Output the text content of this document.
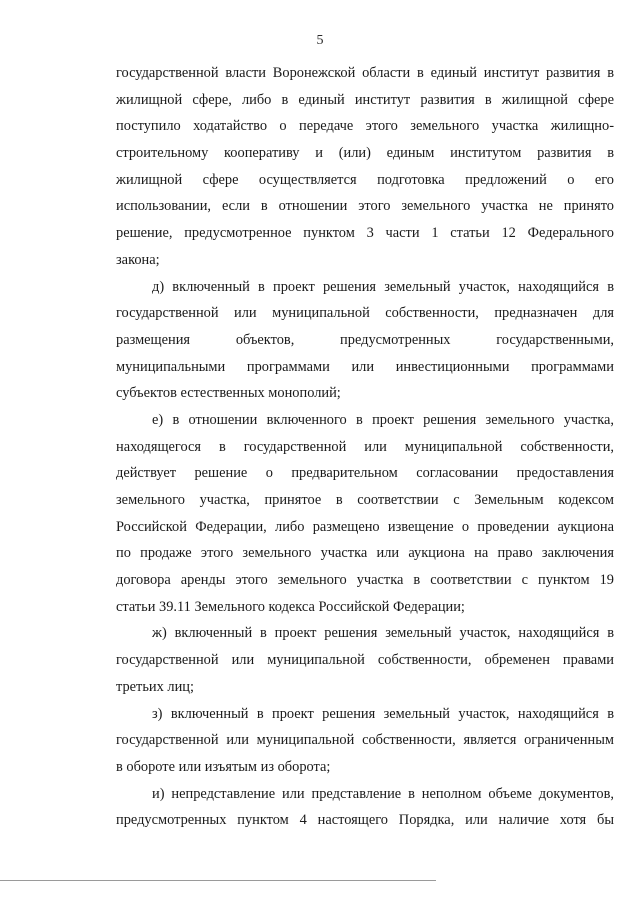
5
государственной власти Воронежской области в единый институт развития в
жилищной сфере, либо в единый институт развития в жилищной сфере
поступило ходатайство о передаче этого земельного участка жилищно-
строительному кооперативу и (или) единым институтом развития в
жилищной сфере осуществляется подготовка предложений о его
использовании, если в отношении этого земельного участка не принято
решение, предусмотренное пунктом 3 части 1 статьи 12 Федерального
закона;
д) включенный в проект решения земельный участок, находящийся в
государственной или муниципальной собственности, предназначен для
размещения объектов, предусмотренных государственными,
муниципальными программами или инвестиционными программами
субъектов естественных монополий;
е) в отношении включенного в проект решения земельного участка,
находящегося в государственной или муниципальной собственности,
действует решение о предварительном согласовании предоставления
земельного участка, принятое в соответствии с Земельным кодексом
Российской Федерации, либо размещено извещение о проведении аукциона
по продаже этого земельного участка или аукциона на право заключения
договора аренды этого земельного участка в соответствии с пунктом 19
статьи 39.11 Земельного кодекса Российской Федерации;
ж) включенный в проект решения земельный участок, находящийся в
государственной или муниципальной собственности, обременен правами
третьих лиц;
з) включенный в проект решения земельный участок, находящийся в
государственной или муниципальной собственности, является ограниченным
в обороте или изъятым из оборота;
и) непредставление или представление в неполном объеме документов,
предусмотренных пунктом 4 настоящего Порядка, или наличие хотя бы
